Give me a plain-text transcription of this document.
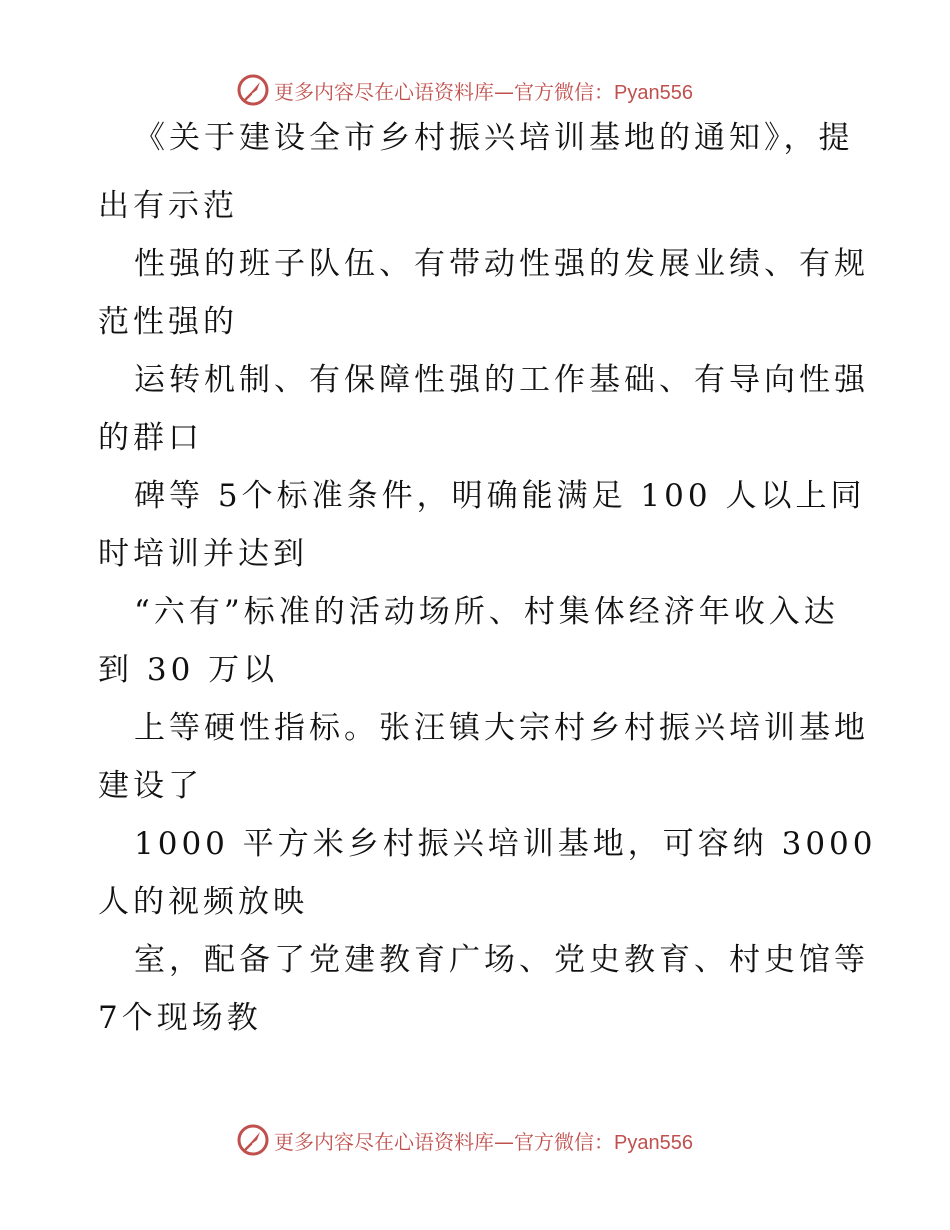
更多内容尽在心语资料库—官方微信：Pyan556
《关于建设全市乡村振兴培训基地的通知》，提
出有示范
性强的班子队伍、有带动性强的发展业绩、有规
范性强的
运转机制、有保障性强的工作基础、有导向性强
的群口
碑等 5个标准条件，明确能满足 100 人以上同
时培训并达到
“六有”标准的活动场所、村集体经济年收入达
到 30 万以
上等硬性指标。张汪镇大宗村乡村振兴培训基地
建设了
1000 平方米乡村振兴培训基地，可容纳 3000
人的视频放映
室，配备了党建教育广场、党史教育、村史馆等
7个现场教
更多内容尽在心语资料库—官方微信：Pyan556
